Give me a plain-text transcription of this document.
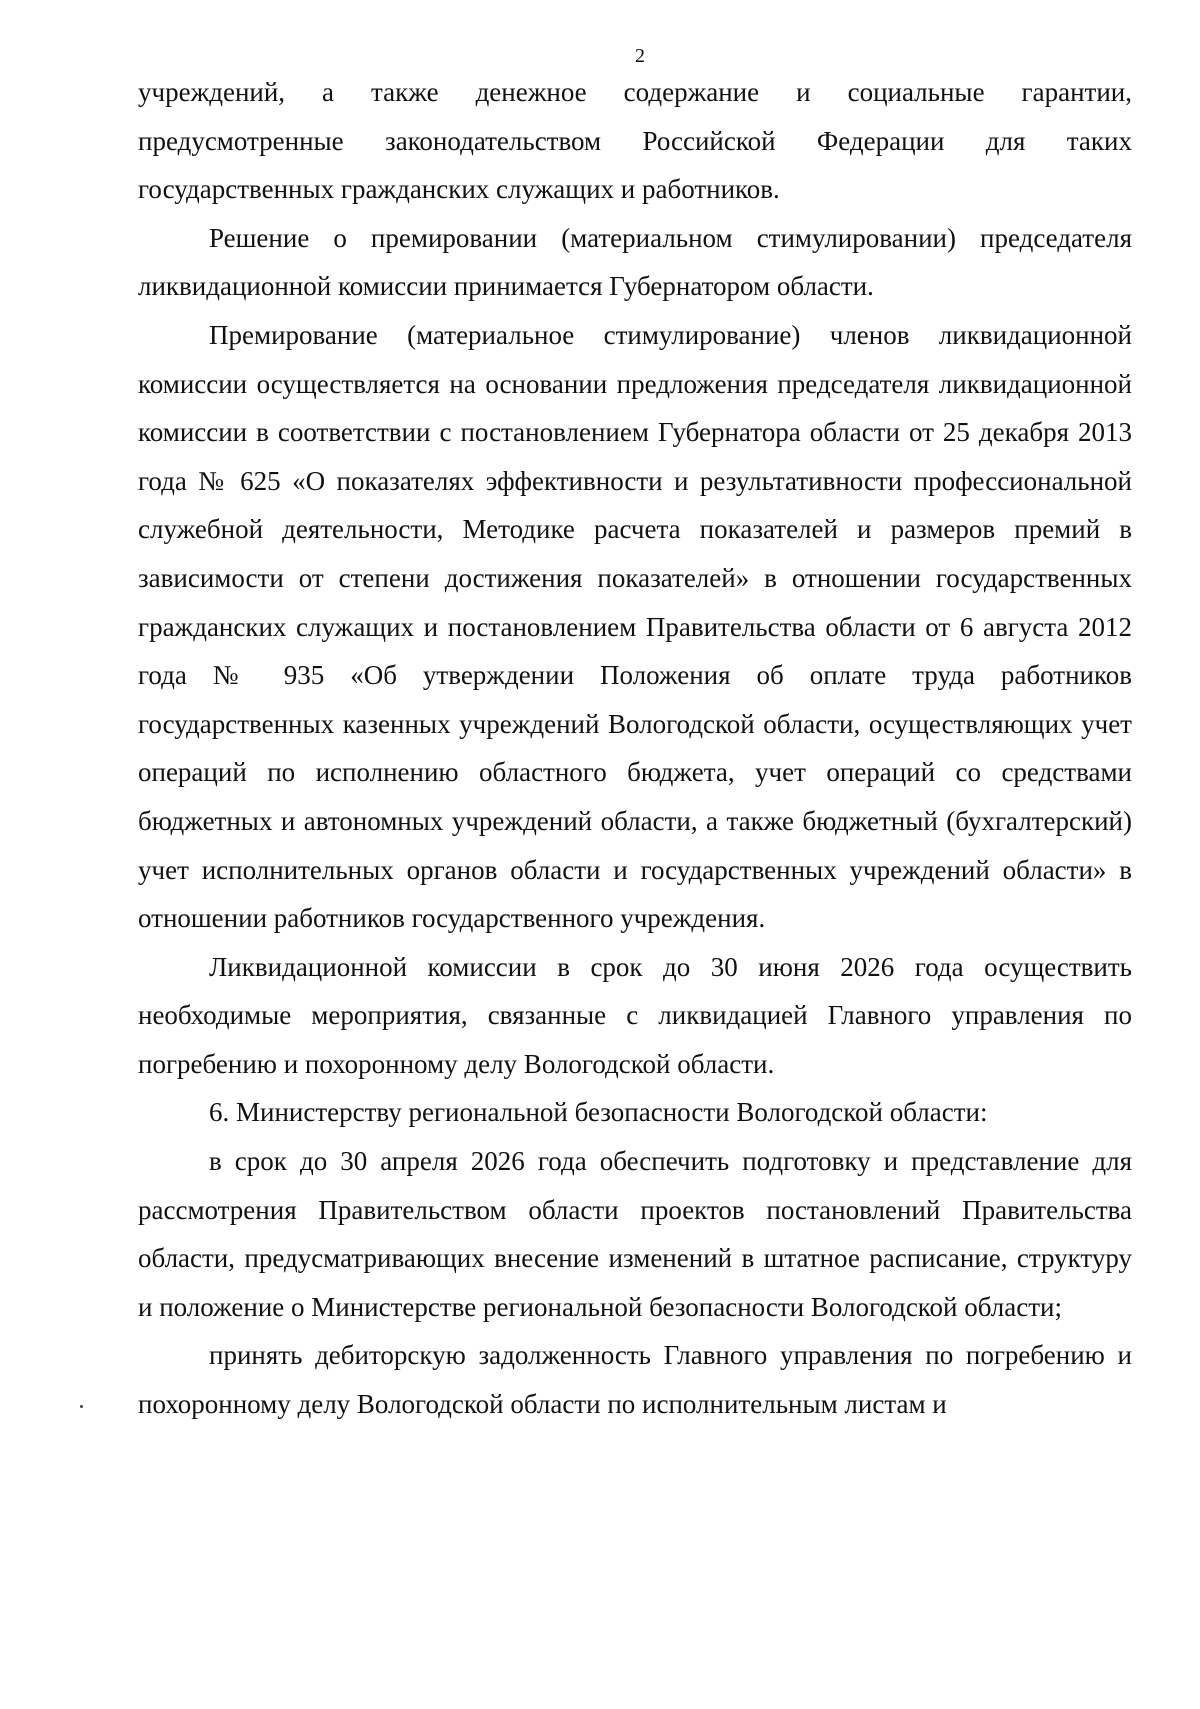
2

учреждений, а также денежное содержание и социальные гарантии, предусмотренные законодательством Российской Федерации для таких государственных гражданских служащих и работников.

Решение о премировании (материальном стимулировании) председателя ликвидационной комиссии принимается Губернатором области.

Премирование (материальное стимулирование) членов ликвидационной комиссии осуществляется на основании предложения председателя ликвидационной комиссии в соответствии с постановлением Губернатора области от 25 декабря 2013 года № 625 «О показателях эффективности и результативности профессиональной служебной деятельности, Методике расчета показателей и размеров премий в зависимости от степени достижения показателей» в отношении государственных гражданских служащих и постановлением Правительства области от 6 августа 2012 года № 935 «Об утверждении Положения об оплате труда работников государственных казенных учреждений Вологодской области, осуществляющих учет операций по исполнению областного бюджета, учет операций со средствами бюджетных и автономных учреждений области, а также бюджетный (бухгалтерский) учет исполнительных органов области и государственных учреждений области» в отношении работников государственного учреждения.

Ликвидационной комиссии в срок до 30 июня 2026 года осуществить необходимые мероприятия, связанные с ликвидацией Главного управления по погребению и похоронному делу Вологодской области.

6. Министерству региональной безопасности Вологодской области:

в срок до 30 апреля 2026 года обеспечить подготовку и представление для рассмотрения Правительством области проектов постановлений Правительства области, предусматривающих внесение изменений в штатное расписание, структуру и положение о Министерстве региональной безопасности Вологодской области;

принять дебиторскую задолженность Главного управления по погребению и похоронному делу Вологодской области по исполнительным листам и
